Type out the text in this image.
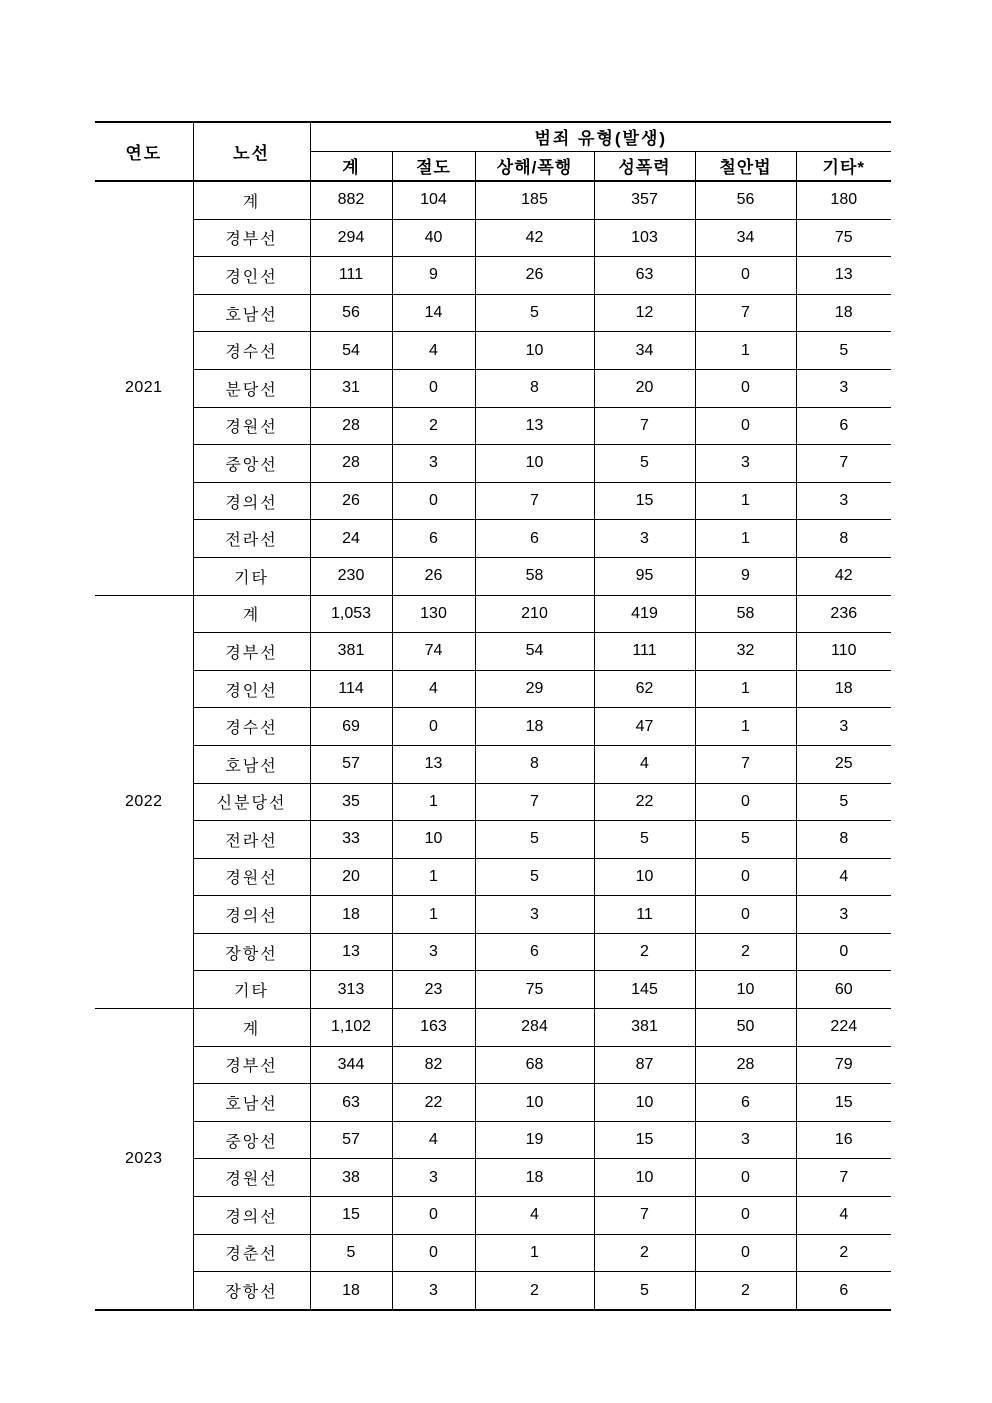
연도	노선	범죄 유형(발생)					
		계	절도	상해/폭행	성폭력	철안법	기타*
2021	계	882	104	185	357	56	180
	경부선	294	40	42	103	34	75
	경인선	111	9	26	63	0	13
	호남선	56	14	5	12	7	18
	경수선	54	4	10	34	1	5
	분당선	31	0	8	20	0	3
	경원선	28	2	13	7	0	6
	중앙선	28	3	10	5	3	7
	경의선	26	0	7	15	1	3
	전라선	24	6	6	3	1	8
	기타	230	26	58	95	9	42
2022	계	1,053	130	210	419	58	236
	경부선	381	74	54	111	32	110
	경인선	114	4	29	62	1	18
	경수선	69	0	18	47	1	3
	호남선	57	13	8	4	7	25
	신분당선	35	1	7	22	0	5
	전라선	33	10	5	5	5	8
	경원선	20	1	5	10	0	4
	경의선	18	1	3	11	0	3
	장항선	13	3	6	2	2	0
	기타	313	23	75	145	10	60
2023	계	1,102	163	284	381	50	224
	경부선	344	82	68	87	28	79
	호남선	63	22	10	10	6	15
	중앙선	57	4	19	15	3	16
	경원선	38	3	18	10	0	7
	경의선	15	0	4	7	0	4
	경춘선	5	0	1	2	0	2
	장항선	18	3	2	5	2	6
